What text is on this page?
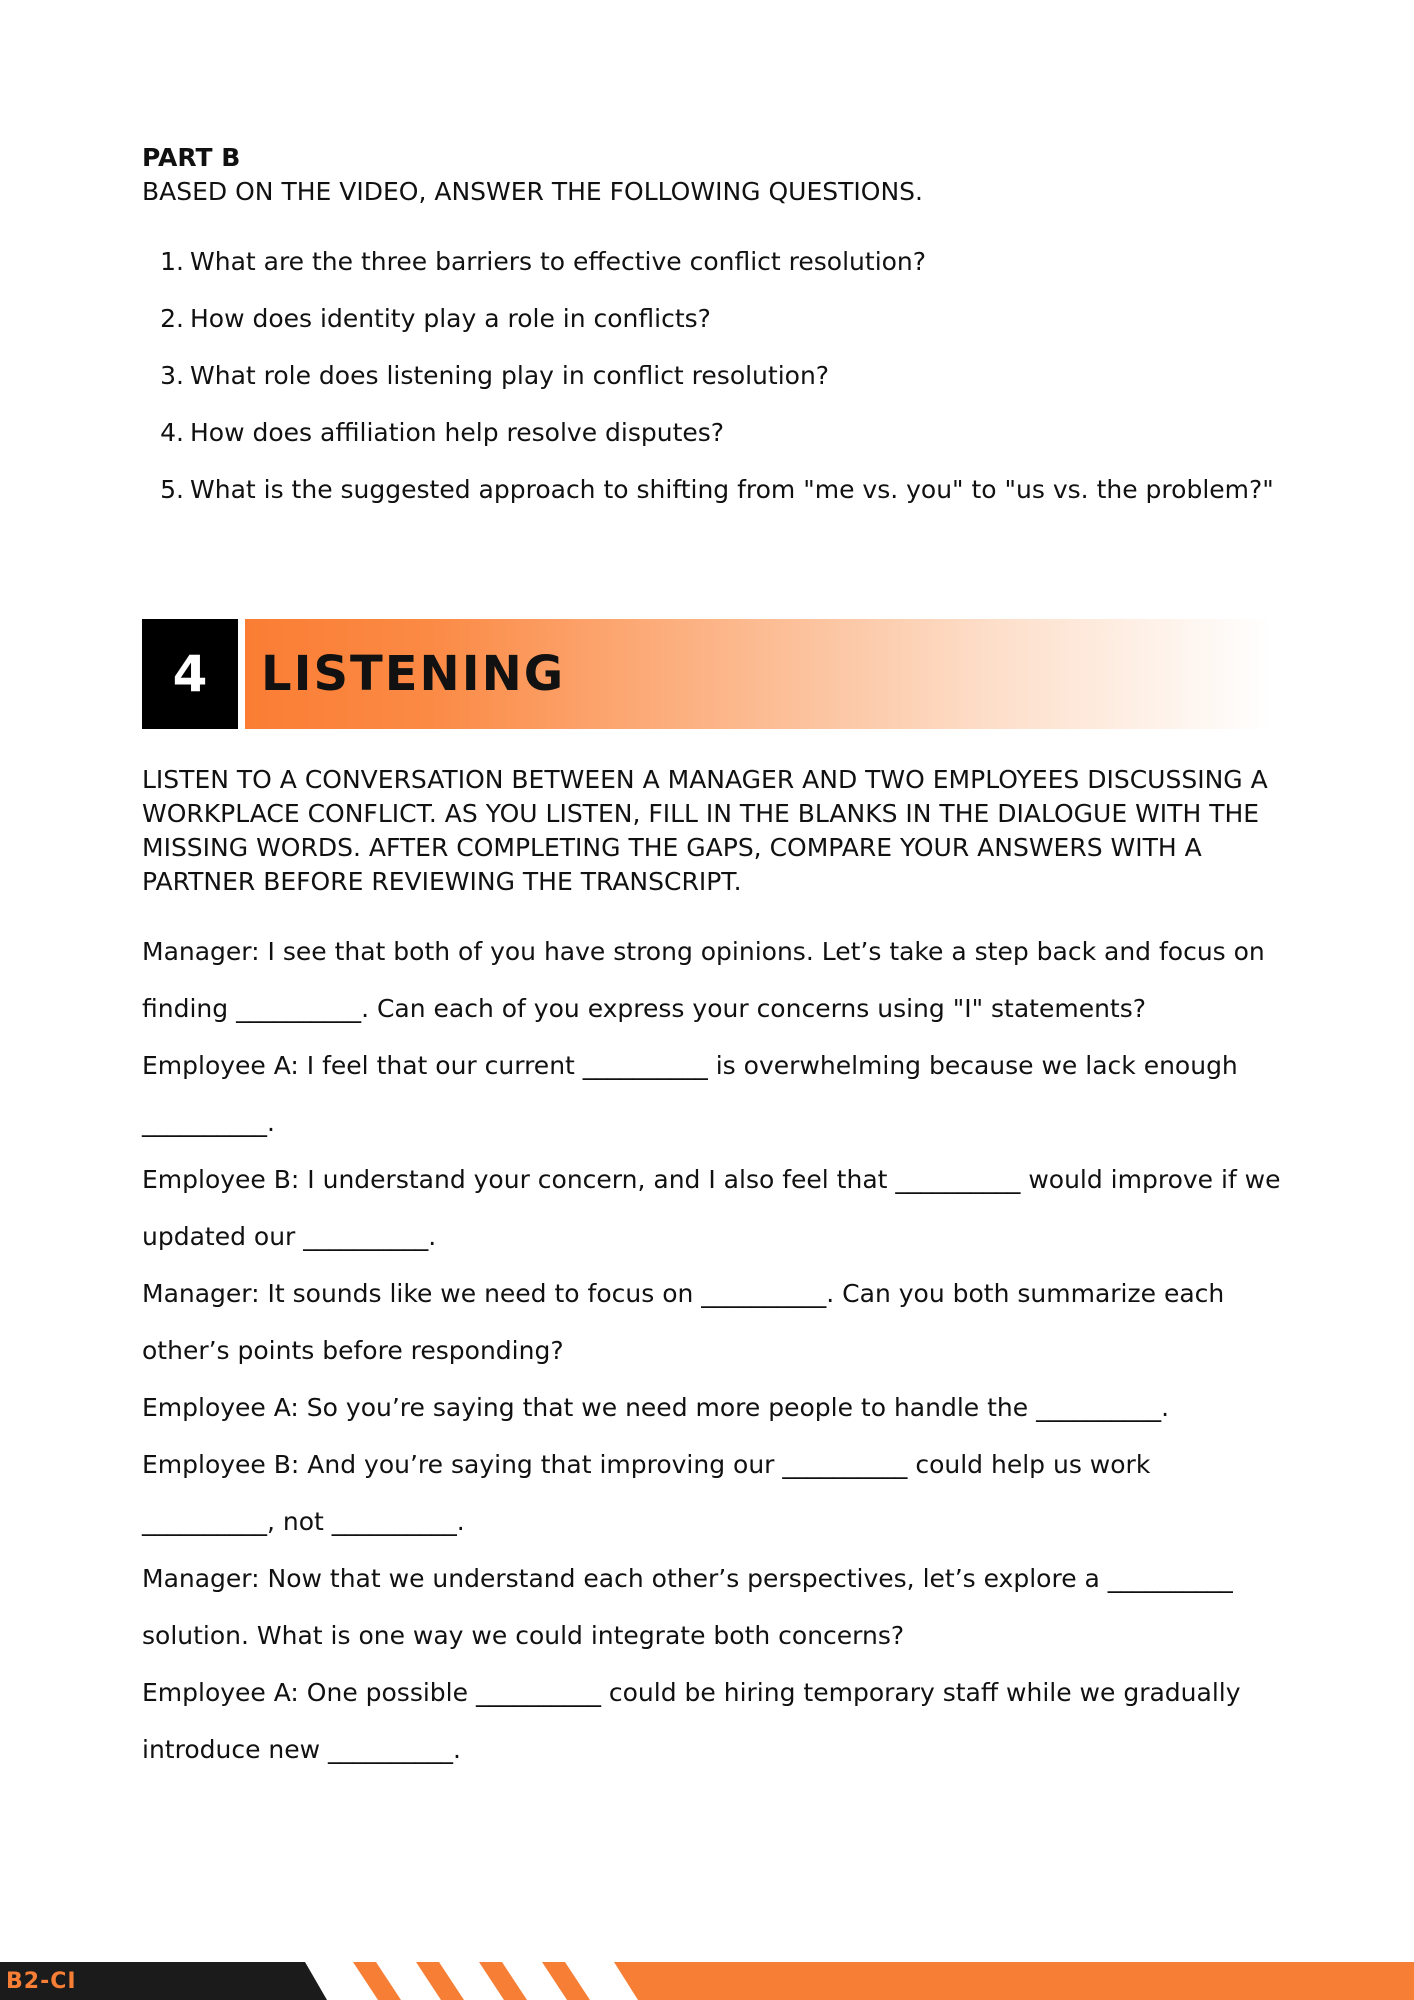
PART B
BASED ON THE VIDEO, ANSWER THE FOLLOWING QUESTIONS.
1. What are the three barriers to effective conflict resolution?
2. How does identity play a role in conflicts?
3. What role does listening play in conflict resolution?
4. How does affiliation help resolve disputes?
5. What is the suggested approach to shifting from "me vs. you" to "us vs. the problem?"
4	LISTENING
LISTEN TO A CONVERSATION BETWEEN A MANAGER AND TWO EMPLOYEES DISCUSSING A WORKPLACE CONFLICT. AS YOU LISTEN, FILL IN THE BLANKS IN THE DIALOGUE WITH THE MISSING WORDS. AFTER COMPLETING THE GAPS, COMPARE YOUR ANSWERS WITH A PARTNER BEFORE REVIEWING THE TRANSCRIPT.

Manager: I see that both of you have strong opinions. Let’s take a step back and focus on finding __________. Can each of you express your concerns using "I" statements?

Employee A: I feel that our current __________ is overwhelming because we lack enough __________.

Employee B: I understand your concern, and I also feel that __________ would improve if we updated our __________.

Manager: It sounds like we need to focus on __________. Can you both summarize each other’s points before responding?

Employee A: So you’re saying that we need more people to handle the __________.

Employee B: And you’re saying that improving our __________ could help us work __________, not __________.

Manager: Now that we understand each other’s perspectives, let’s explore a __________ solution. What is one way we could integrate both concerns?

Employee A: One possible __________ could be hiring temporary staff while we gradually introduce new __________.

B2-CI
